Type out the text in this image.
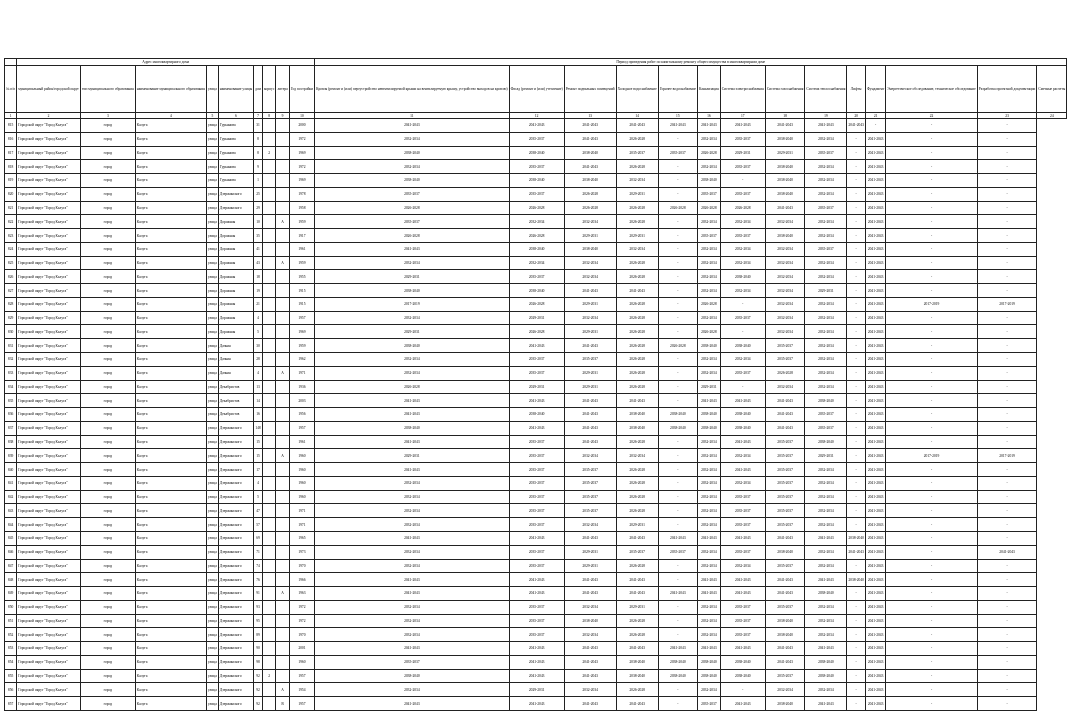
	Адрес многоквартирного дома									Период проведения работ по капитальному ремонту общего имущества в многоквартирном доме													
№ п/п	муниципальный район/городской округ	тип муниципального образования	наименование муниципального образования	улица	наименование улицы	дом	корпус	литера	Год постройки	Кровля (ремонт и (или) переустройство невентилируемой крыши на вентилируемую крышу, устройство выходов на кровлю)	Фасад (ремонт и (или) утепление)	Ремонт подвальных помещений	Холодное водоснабжение	Горячее водоснабжение	Канализация	Система электроснабжения	Система газоснабжения	Система теплоснабжения	Лифты	Фундамент	Энергетическое обследование, техническое обследование	Разработка проектной документации	Сметные расчеты
1	2	3	4	5	6	7	8	9	10	11	12	13	14	15	16	17	18	19	20	21	22	23	24
815	Городской округ "Город Калуга"	город	Калуга	улица	Гурьянова	31			2000	2041-2043	2041-2043	2041-2043	2041-2043	2041-2043	2041-2043	2041-2043	2041-2043	2041-2043	2041-2043	-	-	-	
816	Городской округ "Город Калуга"	город	Калуга	улица	Гурьянова	8			1972	2032-2034	2035-2037	2041-2043	2026-2028	-	2032-2034	2035-2037	2038-2040	2032-2034	-	2041-2043	-	-	
817	Городской округ "Город Калуга"	город	Калуга	улица	Гурьянова	8	2		1969	2038-2040	2038-2040	2038-2040	2035-2037	2035-2037	2026-2028	2029-2031	2029-2031	2035-2037	-	2041-2043	-	-	
818	Городской округ "Город Калуга"	город	Калуга	улица	Гурьянова	9			1972	2032-2034	2035-2037	2041-2043	2026-2028	-	2032-2034	2035-2037	2038-2040	2032-2034	-	2041-2043	-	-	
819	Городской округ "Город Калуга"	город	Калуга	улица	Гурьянова	1			1969	2038-2040	2038-2040	2038-2040	2032-2034	-	2038-2040	-	2038-2040	2032-2034	-	2041-2043	-	-	
820	Городской округ "Город Калуга"	город	Калуга	улица	Дзержинского	25			1978	2035-2037	2035-2037	2026-2028	2029-2031	-	2035-2037	2035-2037	2038-2040	2032-2034	-	2041-2043	-	-	
821	Городской округ "Город Калуга"	город	Калуга	улица	Дзержинского	29			1958	2026-2028	2026-2028	2026-2028	2026-2028	2026-2028	2026-2028	2026-2028	2041-2043	2035-2037	-	2041-2043	-	-	
822	Городской округ "Город Калуга"	город	Калуга	улица	Дорожная	10		А	1959	2035-2037	2032-2034	2032-2034	2026-2028	-	2032-2034	2032-2034	2032-2034	2032-2034	-	2041-2043	-	-	
823	Городской округ "Город Калуга"	город	Калуга	улица	Дорожная	35			1917	2026-2028	2026-2028	2029-2031	2029-2031	-	2035-2037	2035-2037	2038-2040	2032-2034	-	2041-2043	-	-	
824	Городской округ "Город Калуга"	город	Калуга	улица	Дорожная	41			1961	2041-2043	2038-2040	2038-2040	2032-2034	-	2032-2034	2032-2034	2032-2034	2035-2037	-	2041-2043	-	-	
825	Городской округ "Город Калуга"	город	Калуга	улица	Дорожная	43		А	1959	2032-2034	2032-2034	2032-2034	2026-2028	-	2032-2034	2032-2034	2032-2034	2032-2034	-	2041-2043	-	-	
826	Городской округ "Город Калуга"	город	Калуга	улица	Дорожная	18			1955	2029-2031	2035-2037	2032-2034	2026-2028	-	2032-2034	2038-2040	2032-2034	2032-2034	-	2041-2043	-	-	
827	Городской округ "Город Калуга"	город	Калуга	улица	Дорожная	19			1915	2038-2040	2038-2040	2041-2043	2041-2043	-	2032-2034	2032-2034	2032-2034	2029-2031	-	2041-2043	-	-	
828	Городской округ "Город Калуга"	город	Калуга	улица	Дорожная	21			1915	2017-2019	2026-2028	2029-2031	2026-2028	-	2026-2028	-	2032-2034	2032-2034	-	2041-2043	2017-2019	2017-2019	
829	Городской округ "Город Калуга"	город	Калуга	улица	Дорожная	4			1957	2032-2034	2029-2031	2032-2034	2026-2028	-	2032-2034	2035-2037	2032-2034	2032-2034	-	2041-2043	-	-	
830	Городской округ "Город Калуга"	город	Калуга	улица	Дорожная	5			1969	2029-2031	2026-2028	2029-2031	2026-2028	-	2026-2028	-	2032-2034	2032-2034	-	2041-2043	-	-	
831	Городской округ "Город Калуга"	город	Калуга	улица	Дачная	30			1959	2038-2040	2041-2043	2041-2043	2026-2028	2026-2028	2038-2040	2038-2040	2035-2037	2032-2034	-	2041-2043	-	-	
832	Городской округ "Город Калуга"	город	Калуга	улица	Дачная	28			1962	2032-2034	2035-2037	2035-2037	2026-2028	-	2032-2034	2032-2034	2035-2037	2032-2034	-	2041-2043	-	-	
833	Городской округ "Город Калуга"	город	Калуга	улица	Дачная	4		А	1971	2032-2034	2035-2037	2029-2031	2026-2028	-	2032-2034	2035-2037	2026-2028	2032-2034	-	2041-2043	-	-	
834	Городской округ "Город Калуга"	город	Калуга	улица	Декабристов	13			1936	2026-2028	2029-2031	2029-2031	2026-2028	-	2029-2031	-	2032-2034	2032-2034	-	2041-2043	-	-	
835	Городской округ "Город Калуга"	город	Калуга	улица	Декабристов	14			2003	2041-2043	2041-2043	2041-2043	2041-2043	-	2041-2043	2041-2043	2041-2043	2038-2040	-	2041-2043	-	-	
836	Городской округ "Город Калуга"	город	Калуга	улица	Декабристов	16			1956	2041-2043	2038-2040	2041-2043	2038-2040	2038-2040	2038-2040	2038-2040	2041-2043	2035-2037	-	2041-2043	-	-	
837	Городской округ "Город Калуга"	город	Калуга	улица	Дзержинского	148			1957	2038-2040	2041-2043	2041-2043	2038-2040	2038-2040	2038-2040	2038-2040	2041-2043	2035-2037	-	2041-2043	-	-	
838	Городской округ "Город Калуга"	город	Калуга	улица	Дзержинского	15			1961	2041-2043	2035-2037	2041-2043	2026-2028	-	2032-2034	2041-2043	2035-2037	2038-2040	-	2041-2043	-	-	
839	Городской округ "Город Калуга"	город	Калуга	улица	Дзержинского	15		А	1960	2029-2031	2035-2037	2032-2034	2032-2034	-	2032-2034	2032-2034	2035-2037	2029-2031	-	2041-2043	2017-2019	2017-2019	
840	Городской округ "Город Калуга"	город	Калуга	улица	Дзержинского	17			1960	2041-2043	2035-2037	2035-2037	2026-2028	-	2032-2034	2041-2043	2035-2037	2032-2034	-	2041-2043	-	-	
841	Городской округ "Город Калуга"	город	Калуга	улица	Дзержинского	4			1960	2032-2034	2035-2037	2035-2037	2026-2028	-	2032-2034	2032-2034	2035-2037	2032-2034	-	2041-2043	-	-	
842	Городской округ "Город Калуга"	город	Калуга	улица	Дзержинского	5			1960	2032-2034	2035-2037	2035-2037	2026-2028	-	2032-2034	2035-2037	2035-2037	2032-2034	-	2041-2043	-	-	
843	Городской округ "Город Калуга"	город	Калуга	улица	Дзержинского	47			1971	2032-2034	2035-2037	2035-2037	2026-2028	-	2032-2034	2035-2037	2035-2037	2032-2034	-	2041-2043	-	-	
844	Городской округ "Город Калуга"	город	Калуга	улица	Дзержинского	57			1971	2032-2034	2035-2037	2032-2034	2029-2031	-	2032-2034	2035-2037	2035-2037	2032-2034	-	2041-2043	-	-	
845	Городской округ "Город Калуга"	город	Калуга	улица	Дзержинского	69			1965	2041-2043	2041-2043	2041-2043	2041-2043	2041-2043	2041-2043	2041-2043	2041-2043	2041-2043	2038-2040	2041-2043	-	-	
846	Городской округ "Город Калуга"	город	Калуга	улица	Дзержинского	71			1973	2032-2034	2035-2037	2029-2031	2035-2037	2035-2037	2032-2034	2035-2037	2038-2040	2032-2034	2041-2043	2041-2043	-	2041-2043	
847	Городской округ "Город Калуга"	город	Калуга	улица	Дзержинского	74			1970	2032-2034	2035-2037	2029-2031	2026-2028	-	2032-2034	2032-2034	2035-2037	2032-2034	-	2041-2043	-	-	
848	Городской округ "Город Калуга"	город	Калуга	улица	Дзержинского	76			1966	2041-2043	2041-2043	2041-2043	2041-2043	-	2041-2043	2041-2043	2041-2043	2041-2043	2038-2040	2041-2043	-	-	
849	Городской округ "Город Калуга"	город	Калуга	улица	Дзержинского	91		А	1963	2041-2043	2041-2043	2041-2043	2041-2043	2041-2043	2041-2043	2041-2043	2041-2043	2038-2040	-	2041-2043	-	-	
850	Городской округ "Город Калуга"	город	Калуга	улица	Дзержинского	93			1972	2032-2034	2035-2037	2032-2034	2029-2031	-	2032-2034	2035-2037	2035-2037	2032-2034	-	2041-2043	-	-	
851	Городской округ "Город Калуга"	город	Калуга	улица	Дзержинского	95			1972	2032-2034	2035-2037	2038-2040	2026-2028	-	2032-2034	2035-2037	2038-2040	2032-2034	-	2041-2043	-	-	
852	Городской округ "Город Калуга"	город	Калуга	улица	Дзержинского	89			1970	2032-2034	2035-2037	2032-2034	2026-2028	-	2032-2034	2035-2037	2038-2040	2032-2034	-	2041-2043	-	-	
853	Городской округ "Город Калуга"	город	Калуга	улица	Дзержинского	90			2001	2041-2043	2041-2043	2041-2043	2041-2043	2041-2043	2041-2043	2041-2043	2041-2043	2041-2043	-	2041-2043	-	-	
854	Городской округ "Город Калуга"	город	Калуга	улица	Дзержинского	98			1960	2035-2037	2041-2043	2041-2043	2038-2040	2038-2040	2038-2040	2038-2040	2041-2043	2038-2040	-	2041-2043	-	-	
855	Городской округ "Город Калуга"	город	Калуга	улица	Дзержинского	92	2		1957	2038-2040	2041-2043	2041-2043	2038-2040	2038-2040	2038-2040	2038-2040	2035-2037	2038-2040	-	2041-2043	-	-	
856	Городской округ "Город Калуга"	город	Калуга	улица	Дзержинского	92		А	1954	2032-2034	2029-2031	2032-2034	2026-2028	-	2032-2034	-	2032-2034	2032-2034	-	2041-2043	-	-	
857	Городской округ "Город Калуга"	город	Калуга	улица	Дзержинского	92		В	1957	2041-2043	2041-2043	2041-2043	2041-2043	-	2035-2037	2041-2043	2038-2040	2041-2043	-	2041-2043	-	-	
